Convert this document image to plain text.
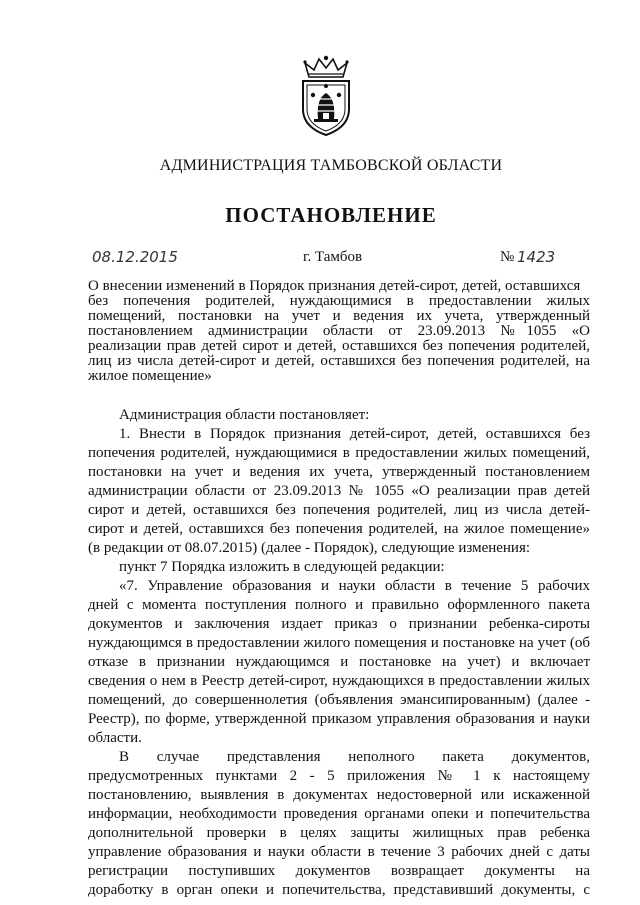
АДМИНИСТРАЦИЯ ТАМБОВСКОЙ ОБЛАСТИ
ПОСТАНОВЛЕНИЕ
08.12.2015	г. Тамбов	№ 1423
О внесении изменений в Порядок признания детей-сирот, детей, оставшихся
без попечения родителей, нуждающимися в предоставлении жилых
помещений, постановки на учет и ведения их учета, утвержденный
постановлением администрации области от 23.09.2013 №1055 «О
реализации прав детей сирот и детей, оставшихся без попечения родителей,
лиц из числа детей-сирот и детей, оставшихся без попечения родителей, на
жилое помещение»
Администрация области постановляет:
1. Внести в Порядок признания детей-сирот, детей, оставшихся без
попечения родителей, нуждающимися в предоставлении жилых помещений,
постановки на учет и ведения их учета, утвержденный постановлением
администрации области от 23.09.2013 № 1055 «О реализации прав детей
сирот и детей, оставшихся без попечения родителей, лиц из числа детей-
сирот и детей, оставшихся без попечения родителей, на жилое помещение»
(в редакции от 08.07.2015) (далее - Порядок), следующие изменения:
пункт 7 Порядка изложить в следующей редакции:
«7. Управление образования и науки области в течение 5 рабочих
дней с момента поступления полного и правильно оформленного пакета
документов и заключения издает приказ о признании ребенка-сироты
нуждающимся в предоставлении жилого помещения и постановке на учет (об
отказе в признании нуждающимся и постановке на учет) и включает
сведения о нем в Реестр детей-сирот, нуждающихся в предоставлении жилых
помещений, до совершеннолетия (объявления эмансипированным) (далее -
Реестр), по форме, утвержденной приказом управления образования и науки
области.
В случае представления неполного пакета документов,
предусмотренных пунктами 2 - 5 приложения № 1 к настоящему
постановлению, выявления в документах недостоверной или искаженной
информации, необходимости проведения органами опеки и попечительства
дополнительной проверки в целях защиты жилищных прав ребенка
управление образования и науки области в течение 3 рабочих дней с даты
регистрации поступивших документов возвращает документы на
доработку в орган опеки и попечительства, представивший документы, с
